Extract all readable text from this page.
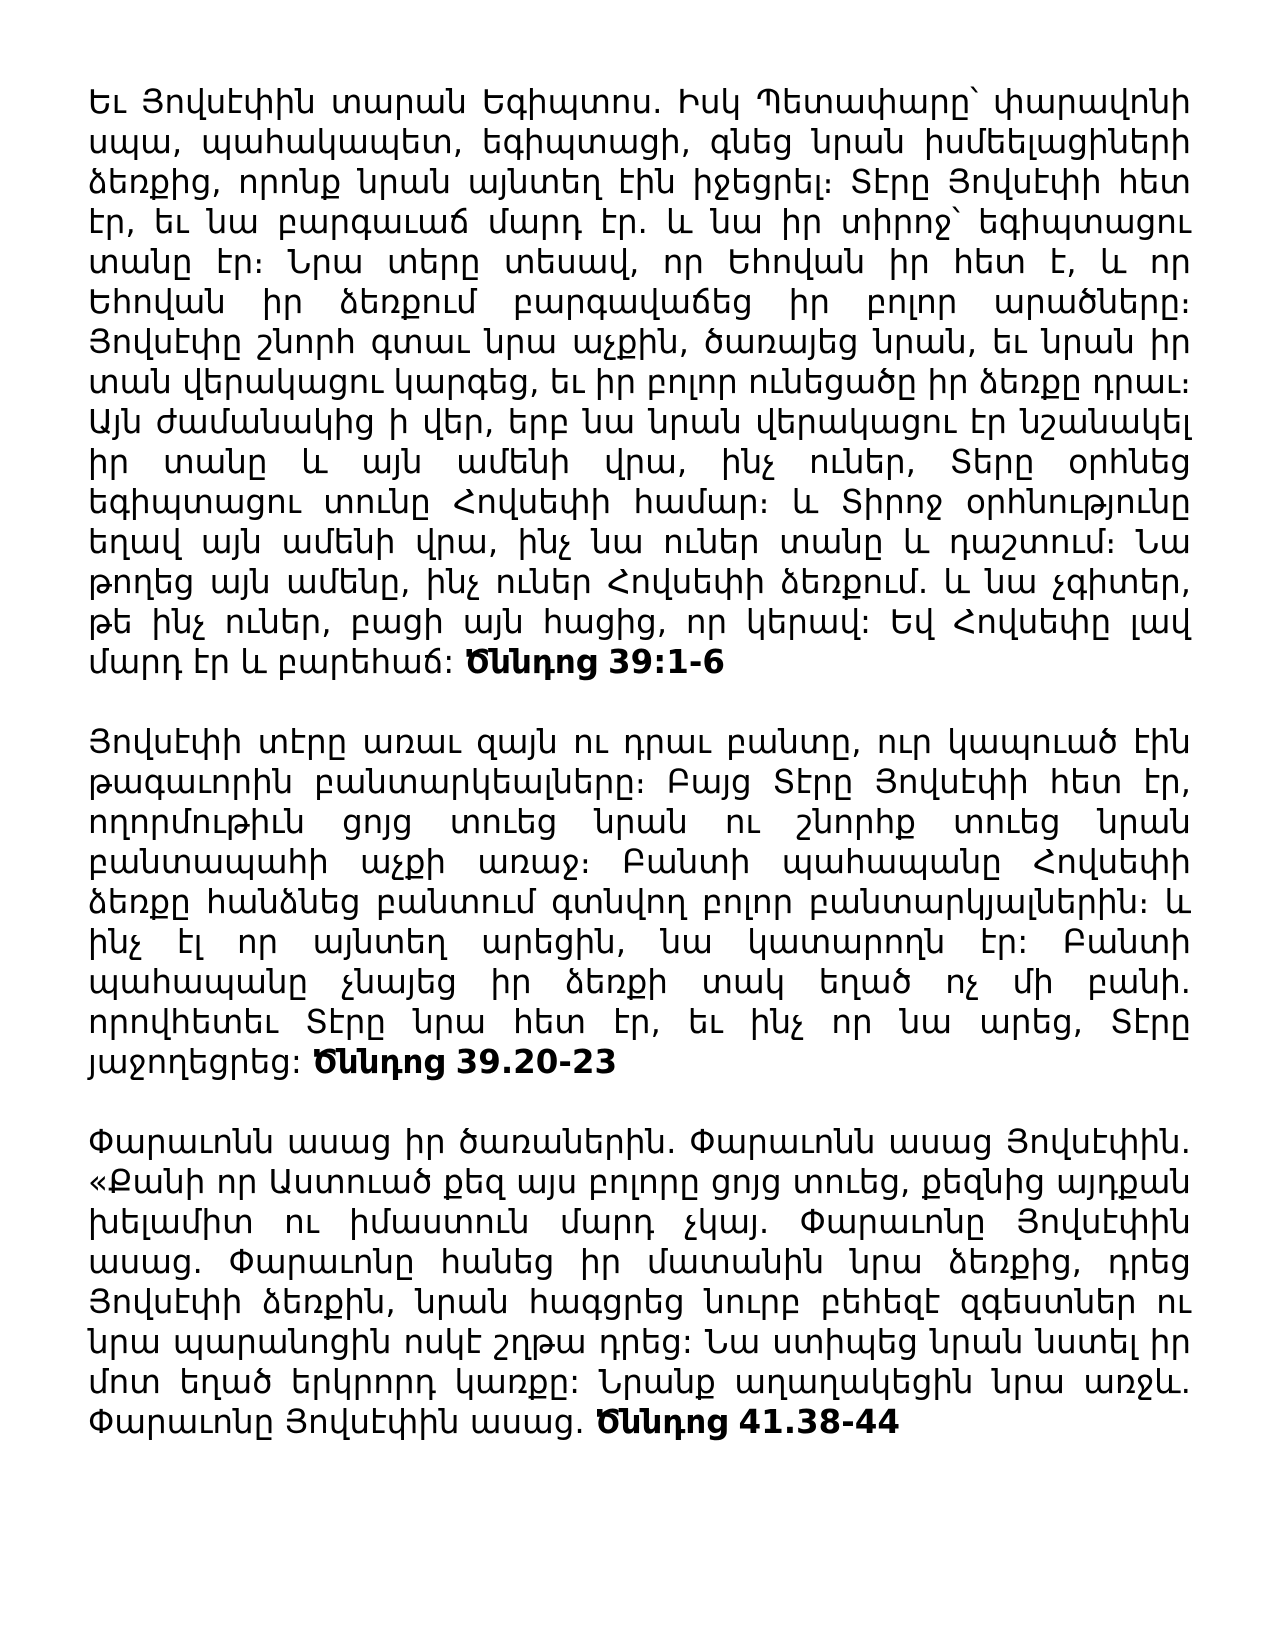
Եւ Յովսէփին տարան Եգիպտոս. Իսկ Պետափարը՝ փարավոնի սպա, պահակապետ, եգիպտացի, գնեց նրան իսմեելացիների ձեռքից, որոնք նրան այնտեղ էին իջեցրել։ Տէրը Յովսէփի հետ էր, եւ նա բարգաւաճ մարդ էր. և նա իր տիրոջ՝ եգիպտացու տանը էր։ Նրա տերը տեսավ, որ Եհովան իր հետ է, և որ Եհովան իր ձեռքում բարգավաճեց իր բոլոր արածները։ Յովսէփը շնորհ գտաւ նրա աչքին, ծառայեց նրան, եւ նրան իր տան վերակացու կարգեց, եւ իր բոլոր ունեցածը իր ձեռքը դրաւ։ Այն ժամանակից ի վեր, երբ նա նրան վերակացու էր նշանակել իր տանը և այն ամենի վրա, ինչ ուներ, Տերը օրհնեց եգիպտացու տունը Հովսեփի համար։ և Տիրոջ օրհնությունը եղավ այն ամենի վրա, ինչ նա ուներ տանը և դաշտում։ Նա թողեց այն ամենը, ինչ ուներ Հովսեփի ձեռքում. և նա չգիտեր, թե ինչ ուներ, բացի այն հացից, որ կերավ: Եվ Հովսեփը լավ մարդ էր և բարեհաճ: Ծննդոց 39:1-6

Յովսէփի տէրը առաւ զայն ու դրաւ բանտը, ուր կապուած էին թագաւորին բանտարկեալները։ Բայց Տէրը Յովսէփի հետ էր, ողորմութիւն ցոյց տուեց նրան ու շնորհք տուեց նրան բանտապահի աչքի առաջ։ Բանտի պահապանը Հովսեփի ձեռքը հանձնեց բանտում գտնվող բոլոր բանտարկյալներին։ և ինչ էլ որ այնտեղ արեցին, նա կատարողն էր: Բանտի պահապանը չնայեց իր ձեռքի տակ եղած ոչ մի բանի. որովհետեւ Տէրը նրա հետ էր, եւ ինչ որ նա արեց, Տէրը յաջողեցրեց: Ծննդոց 39.20-23

Փարաւոնն ասաց իր ծառաներին. Փարաւոնն ասաց Յովսէփին. «Քանի որ Աստուած քեզ այս բոլորը ցոյց տուեց, քեզնից այդքան խելամիտ ու իմաստուն մարդ չկայ. Փարաւոնը Յովսէփին ասաց. Փարաւոնը հանեց իր մատանին նրա ձեռքից, դրեց Յովսէփի ձեռքին, նրան հագցրեց նուրբ բեհեզէ զգեստներ ու նրա պարանոցին ոսկէ շղթա դրեց: Նա ստիպեց նրան նստել իր մոտ եղած երկրորդ կառքը: Նրանք աղաղակեցին նրա առջև. Փարաւոնը Յովսէփին ասաց. Ծննդոց 41.38-44
